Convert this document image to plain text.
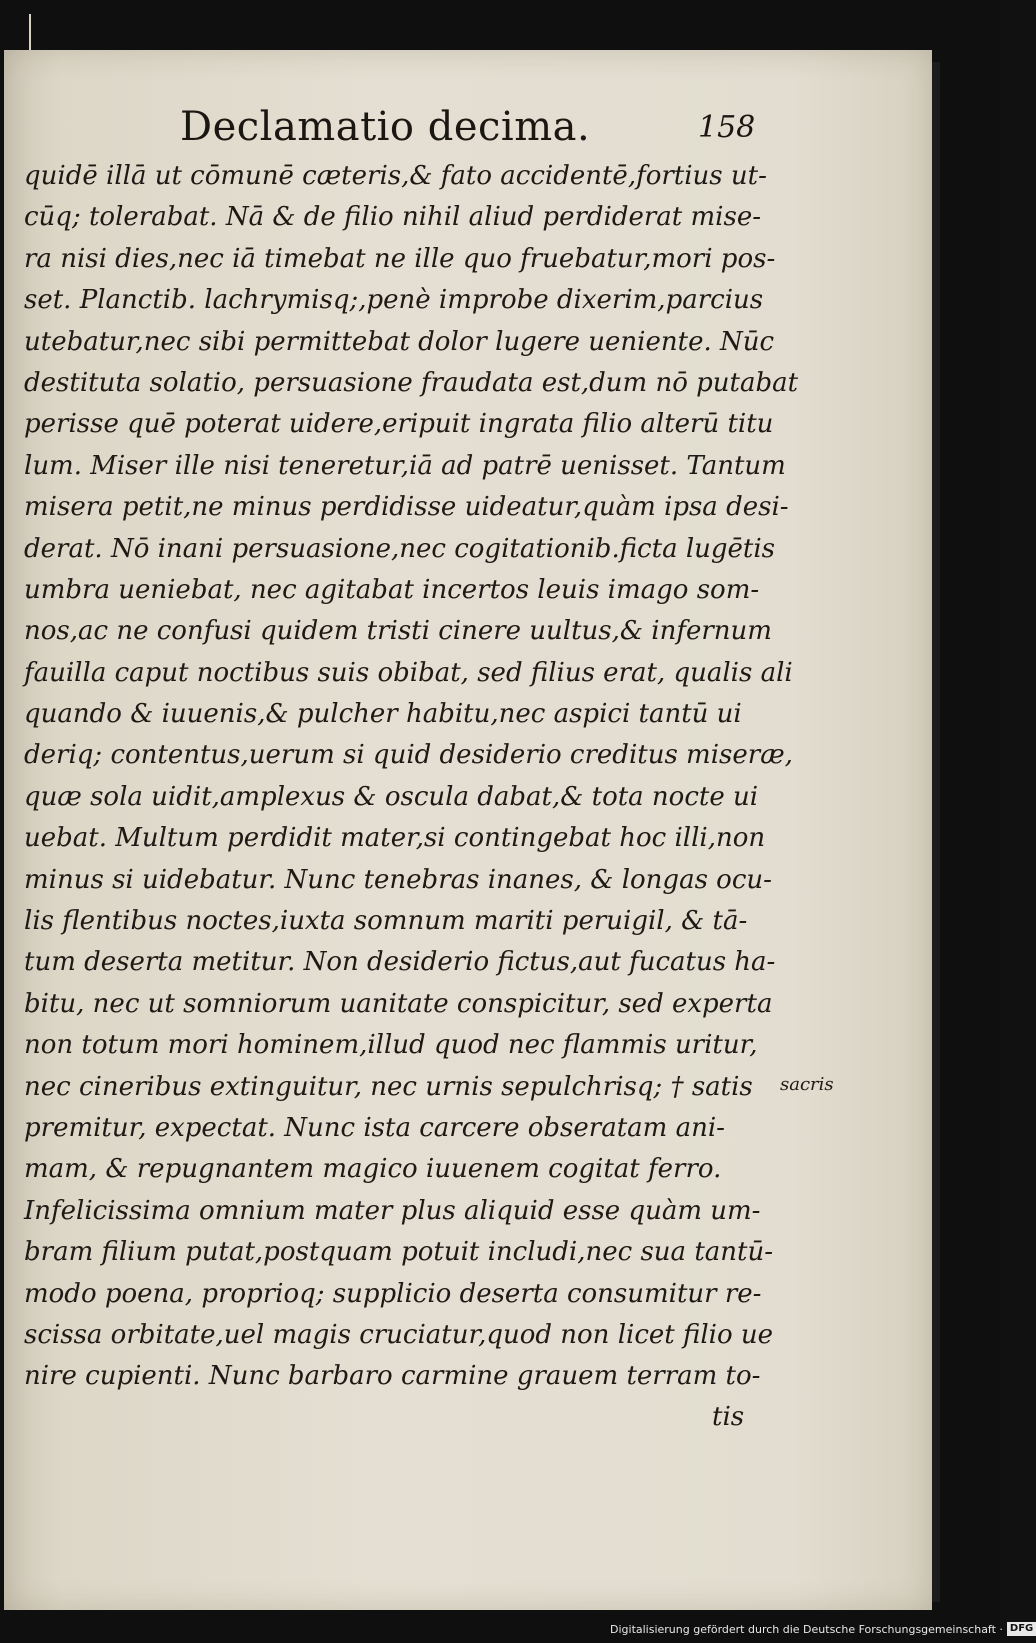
Declamatio decima.	158
quidē illā ut cōmunē cæteris,& fato accidentē,fortius ut-
cūq; tolerabat. Nā & de filio nihil aliud perdiderat mise-
ra nisi dies,nec iā timebat ne ille quo fruebatur,mori pos-
set. Planctib. lachrymisq;,penè improbe dixerim,parcius
utebatur,nec sibi permittebat dolor lugere ueniente. Nūc
destituta solatio, persuasione fraudata est,dum nō putabat
perisse quē poterat uidere,eripuit ingrata filio alterū titu
lum. Miser ille nisi teneretur,iā ad patrē uenisset. Tantum
misera petit,ne minus perdidisse uideatur,quàm ipsa desi-
derat. Nō inani persuasione,nec cogitationib.ficta lugētis
umbra ueniebat, nec agitabat incertos leuis imago som-
nos,ac ne confusi quidem tristi cinere uultus,& infernum
fauilla caput noctibus suis obibat, sed filius erat, qualis ali
quando & iuuenis,& pulcher habitu,nec aspici tantū ui
deriq; contentus,uerum si quid desiderio creditus miseræ,
quæ sola uidit,amplexus & oscula dabat,& tota nocte ui
uebat. Multum perdidit mater,si contingebat hoc illi,non
minus si uidebatur. Nunc tenebras inanes, & longas ocu-
lis flentibus noctes,iuxta somnum mariti peruigil, & tā-
tum deserta metitur. Non desiderio fictus,aut fucatus ha-
bitu, nec ut somniorum uanitate conspicitur, sed experta
non totum mori hominem,illud quod nec flammis uritur,
nec cineribus extinguitur, nec urnis sepulchrisq; † satis
premitur, expectat. Nunc ista carcere obseratam ani-
mam, & repugnantem magico iuuenem cogitat ferro.
Infelicissima omnium mater plus aliquid esse quàm um-
bram filium putat,postquam potuit includi,nec sua tantū-
modo poena, proprioq; supplicio deserta consumitur re-
scissa orbitate,uel magis cruciatur,quod non licet filio ue
nire cupienti. Nunc barbaro carmine grauem terram to-
sacris
tis
Digitalisierung gefördert durch die Deutsche Forschungsgemeinschaft · DFG
